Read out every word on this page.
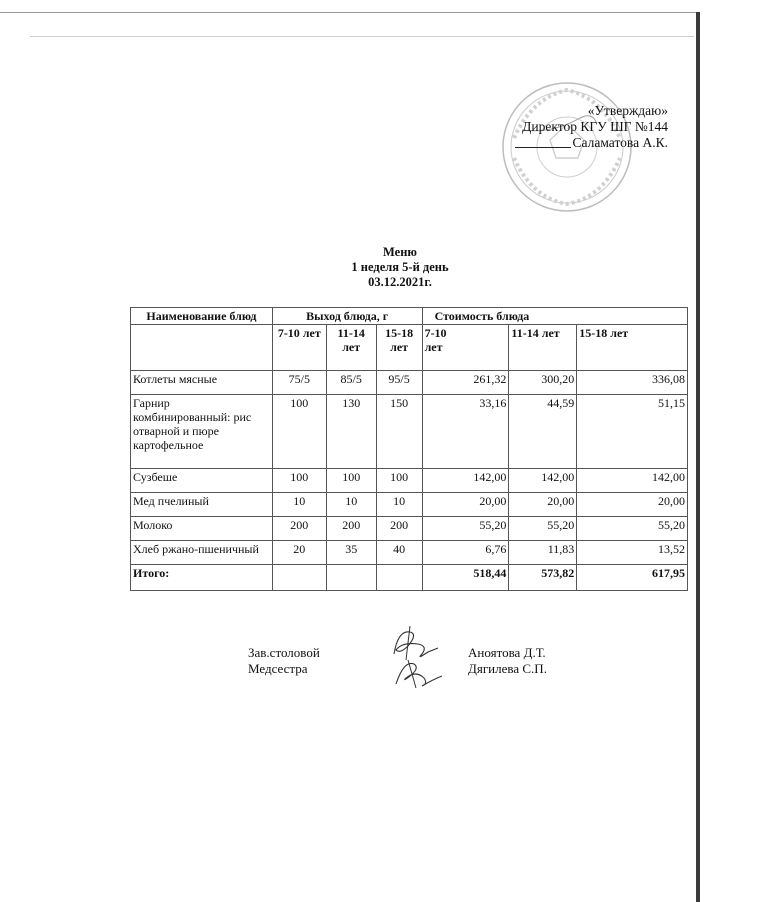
«Утверждаю»
Директор КГУ ШГ №144
Саламатова А.К.
Меню
1 неделя 5-й день
03.12.2021г.
Наименование блюд	Выход блюда, г			Стоимость блюда		
	7-10 лет	11-14 лет	15-18 лет	7-10 лет	11-14 лет	15-18 лет
Котлеты мясные	75/5	85/5	95/5	261,32	300,20	336,08
Гарнир комбинированный: рис отварной и пюре картофельное	100	130	150	33,16	44,59	51,15
Сузбеше	100	100	100	142,00	142,00	142,00
Мед пчелиный	10	10	10	20,00	20,00	20,00
Молоко	200	200	200	55,20	55,20	55,20
Хлеб ржано-пшеничный	20	35	40	6,76	11,83	13,52
Итого:				518,44	573,82	617,95
Зав.столовой	Аноятова Д.Т.
Медсестра	Дягилева С.П.
